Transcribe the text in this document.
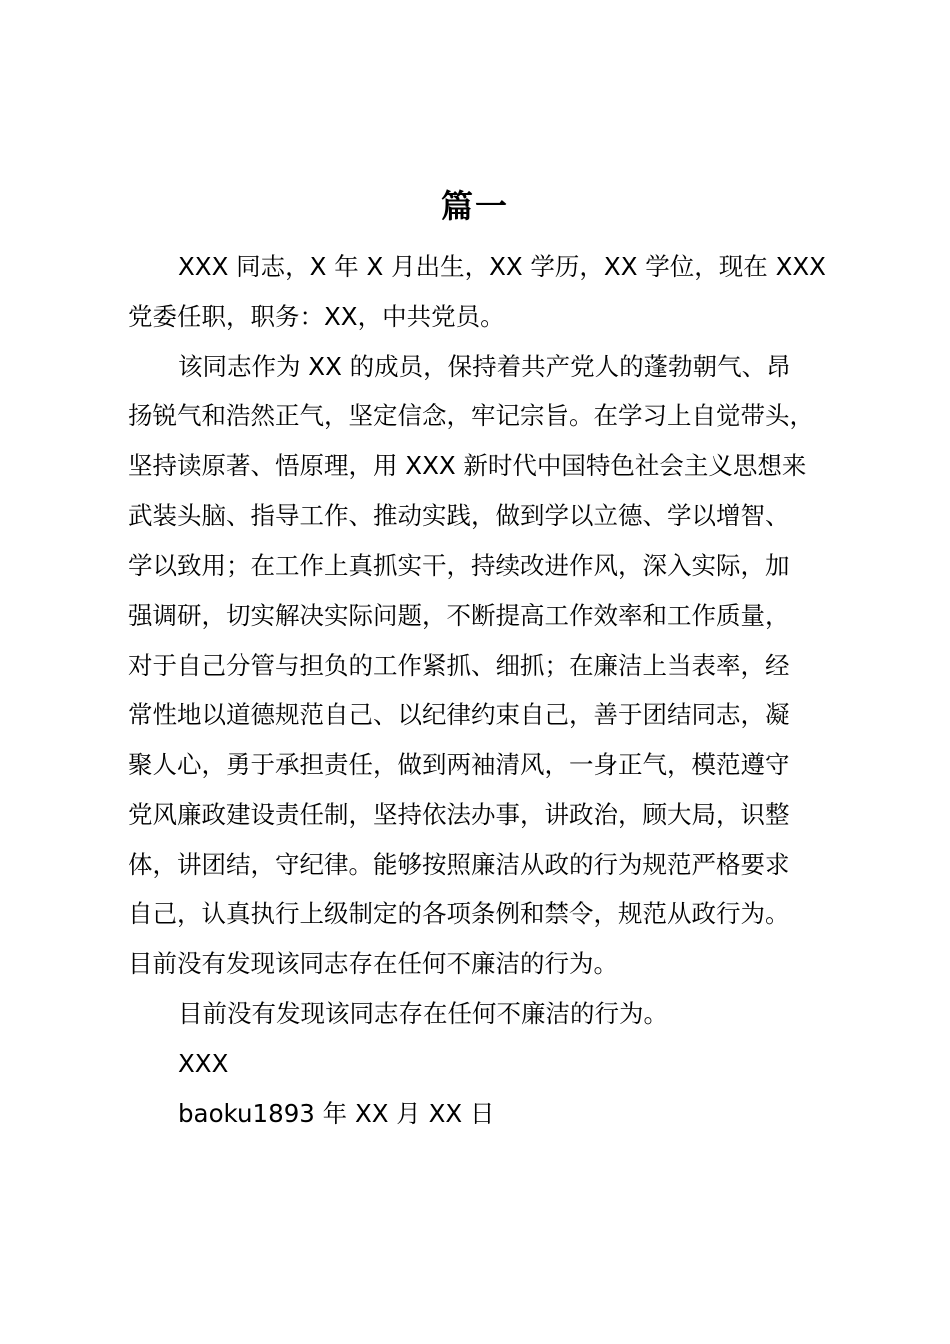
篇一
XXX 同志，X 年 X 月出生，XX 学历，XX 学位，现在 XXX
党委任职，职务：XX，中共党员。
该同志作为 XX 的成员，保持着共产党人的蓬勃朝气、昂
扬锐气和浩然正气，坚定信念，牢记宗旨。在学习上自觉带头，
坚持读原著、悟原理，用 XXX 新时代中国特色社会主义思想来
武装头脑、指导工作、推动实践，做到学以立德、学以增智、
学以致用；在工作上真抓实干，持续改进作风，深入实际，加
强调研，切实解决实际问题，不断提高工作效率和工作质量，
对于自己分管与担负的工作紧抓、细抓；在廉洁上当表率，经
常性地以道德规范自己、以纪律约束自己，善于团结同志，凝
聚人心，勇于承担责任，做到两袖清风，一身正气，模范遵守
党风廉政建设责任制，坚持依法办事，讲政治，顾大局，识整
体，讲团结，守纪律。能够按照廉洁从政的行为规范严格要求
自己，认真执行上级制定的各项条例和禁令，规范从政行为。
目前没有发现该同志存在任何不廉洁的行为。
目前没有发现该同志存在任何不廉洁的行为。
XXX
baoku1893 年 XX 月 XX 日
